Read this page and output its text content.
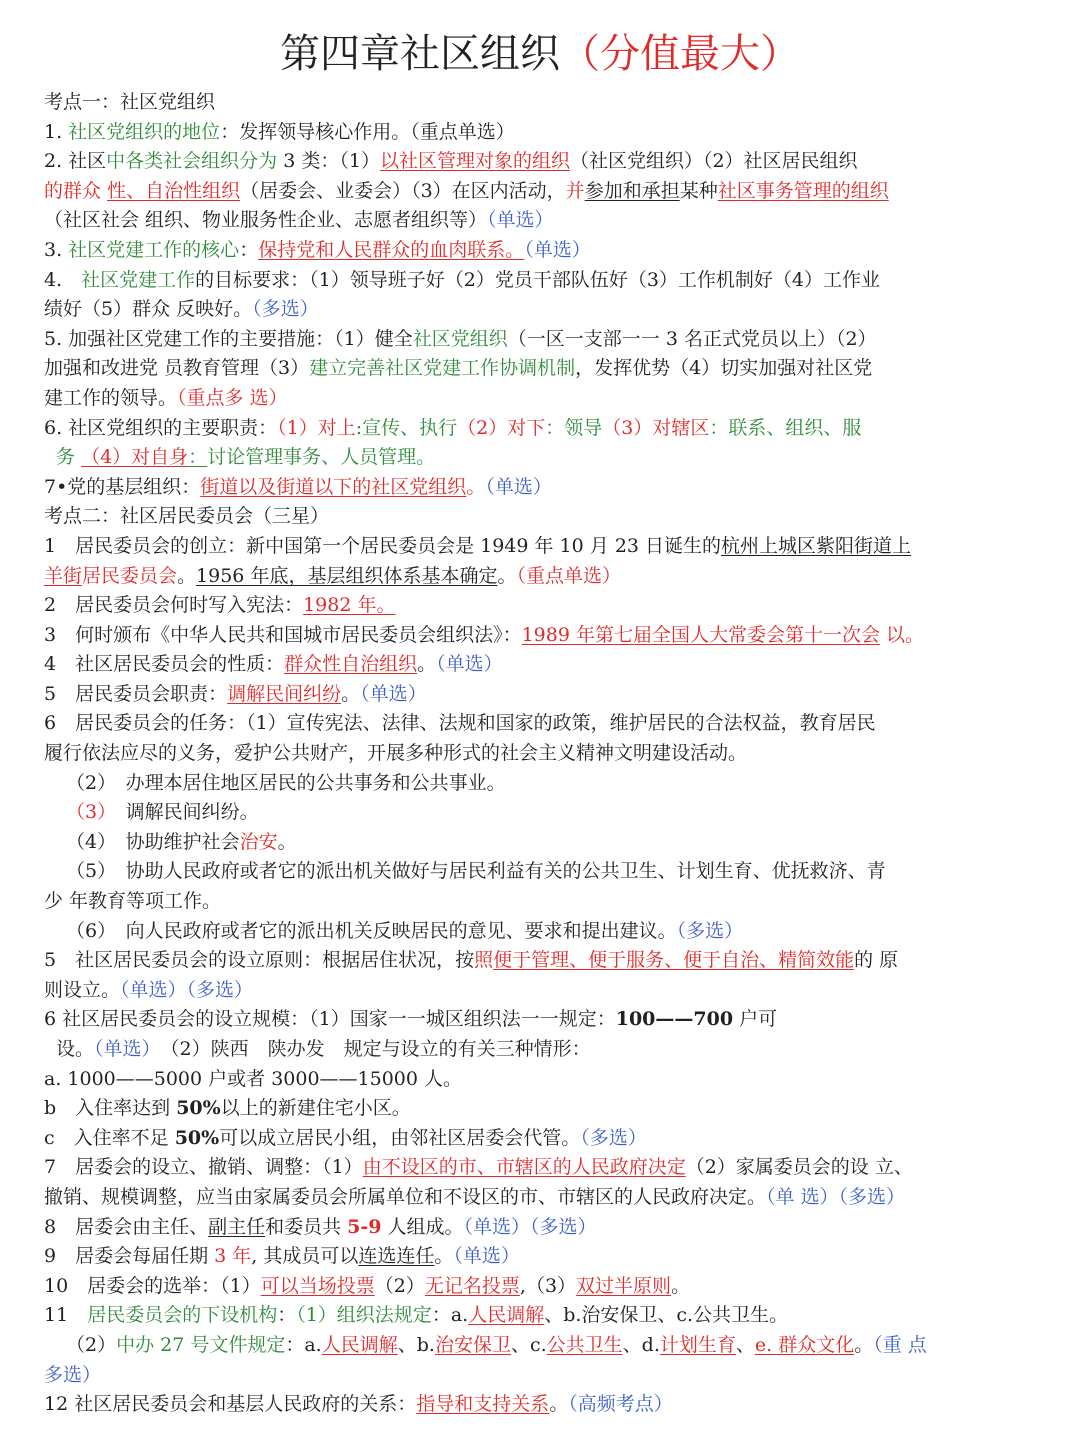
第四章社区组织（分值最大）
考点一：社区党组织
1. 社区党组织的地位：发挥领导核心作用。（重点单选）
2. 社区中各类社会组织分为 3 类：（1）以社区管理对象的组织（社区党组织）（2）社区居民组织
的群众 性、自治性组织（居委会、业委会）（3）在区内活动，并参加和承担某种社区事务管理的组织
（社区社会 组织、物业服务性企业、志愿者组织等）（单选）
3. 社区党建工作的核心：保持党和人民群众的血肉联系。（单选）
4.　社区党建工作的目标要求：（1）领导班子好（2）党员干部队伍好（3）工作机制好（4）工作业
绩好（5）群众 反映好。（多选）
5. 加强社区党建工作的主要措施：（1）健全社区党组织（一区一支部一一 3 名正式党员以上）（2）
加强和改进党 员教育管理（3）建立完善社区党建工作协调机制，发挥优势（4）切实加强对社区党
建工作的领导。（重点多 选）
6. 社区党组织的主要职责：（1）对上:宣传、执行（2）对下：领导（3）对辖区：联系、组织、服
务 （4）对自身：讨论管理事务、人员管理。
7•党的基层组织：街道以及街道以下的社区党组织。（单选）
考点二：社区居民委员会（三星）
1　居民委员会的创立：新中国第一个居民委员会是 1949 年 10 月 23 日诞生的杭州上城区紫阳街道上
羊街居民委员会。1956 年底，基层组织体系基本确定。（重点单选）
2　居民委员会何时写入宪法：1982 年。
3　何时颁布《中华人民共和国城市居民委员会组织法》：1989 年第七届全国人大常委会第十一次会 以。
4　社区居民委员会的性质：群众性自治组织。（单选）
5　居民委员会职责：调解民间纠纷。（单选）
6　居民委员会的任务：（1）宣传宪法、法律、法规和国家的政策，维护居民的合法权益，教育居民
履行依法应尽的义务，爱护公共财产，开展多种形式的社会主义精神文明建设活动。
（2）　办理本居住地区居民的公共事务和公共事业。
（3）　调解民间纠纷。
（4）　协助维护社会治安。
（5）　协助人民政府或者它的派出机关做好与居民利益有关的公共卫生、计划生育、优抚救济、青
少 年教育等项工作。
（6）　向人民政府或者它的派出机关反映居民的意见、要求和提出建议。（多选）
5　社区居民委员会的设立原则：根据居住状况，按照便于管理、便于服务、便于自治、精简效能的 原
则设立。（单选）（多选）
6 社区居民委员会的设立规模：（1）国家一一城区组织法一一规定：100——700 户可
设。（单选）　（2）陕西　陕办发　规定与设立的有关三种情形：
a. 1000——5000 户或者 3000——15000 人。
b　入住率达到 50%以上的新建住宅小区。
c　入住率不足 50%可以成立居民小组，由邻社区居委会代管。（多选）
7　居委会的设立、撤销、调整：（1）由不设区的市、市辖区的人民政府决定（2）家属委员会的设 立、
撤销、规模调整，应当由家属委员会所属单位和不设区的市、市辖区的人民政府决定。（单 选）（多选）
8　居委会由主任、副主任和委员共 5-9 人组成。（单选）（多选）
9　居委会每届任期 3 年, 其成员可以连选连任。（单选）
10　居委会的选举：（1）可以当场投票（2）无记名投票,（3）双过半原则。
11　居民委员会的下设机构：（1）组织法规定：a.人民调解、b.治安保卫、c.公共卫生。
（2）中办 27 号文件规定：a.人民调解、b.治安保卫、c.公共卫生、d.计划生育、e. 群众文化。（重 点
多选）
12 社区居民委员会和基层人民政府的关系：指导和支持关系。（高频考点）
